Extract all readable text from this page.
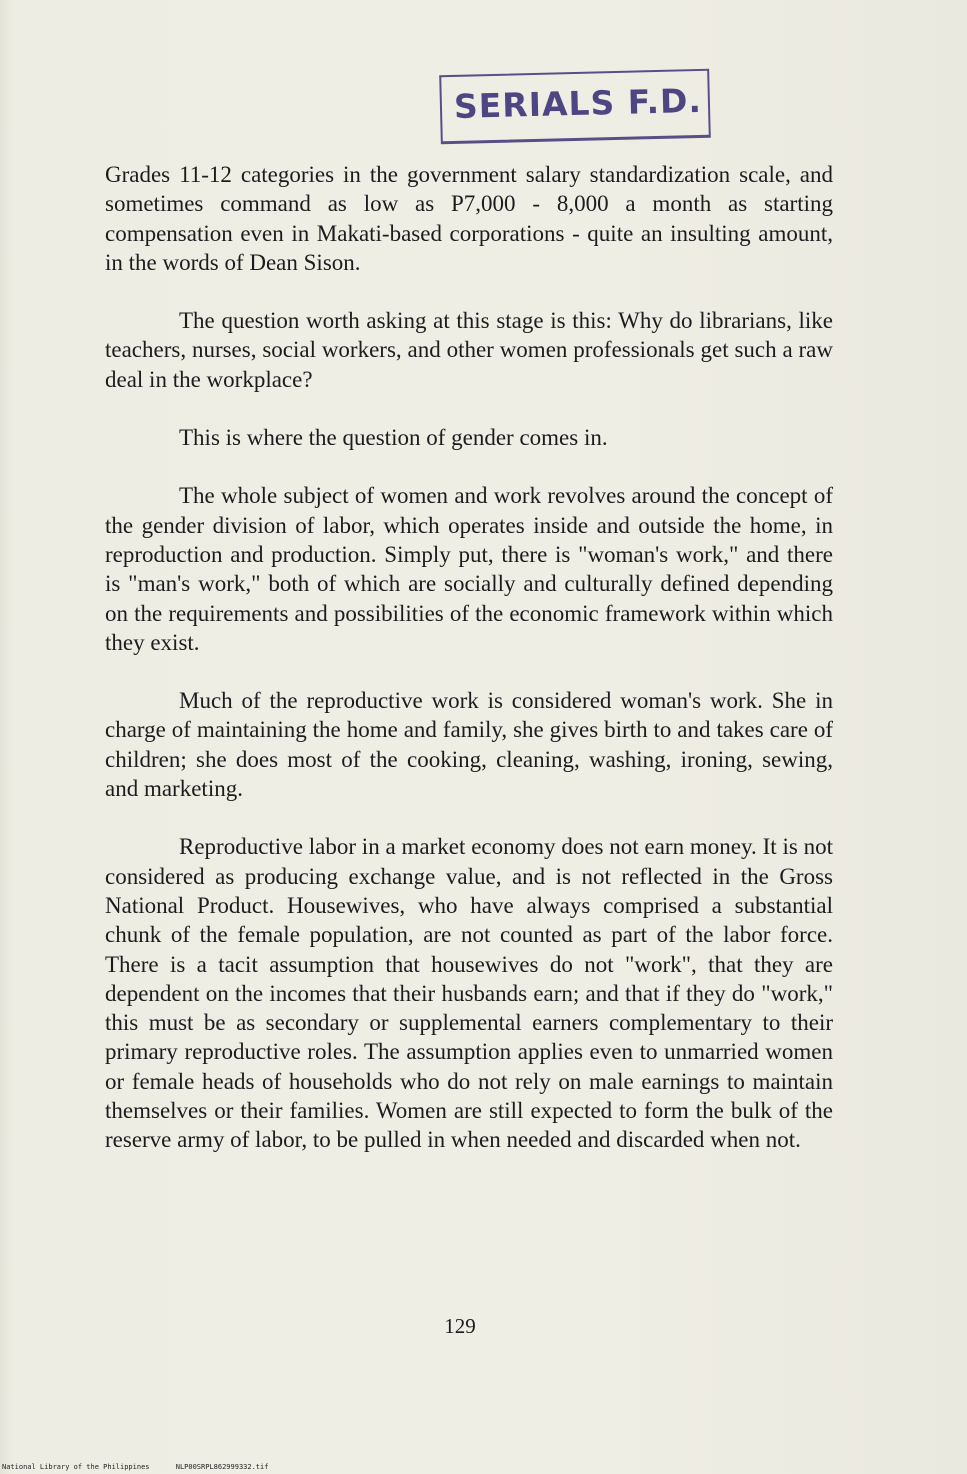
SERIALS F.D.

Grades 11-12 categories in the government salary standardization scale, and sometimes command as low as P7,000 - 8,000 a month as starting compensation even in Makati-based corporations - quite an insulting amount, in the words of Dean Sison.

The question worth asking at this stage is this: Why do librarians, like teachers, nurses, social workers, and other women professionals get such a raw deal in the workplace?

This is where the question of gender comes in.

The whole subject of women and work revolves around the concept of the gender division of labor, which operates inside and outside the home, in reproduction and production. Simply put, there is "woman's work," and there is "man's work," both of which are socially and culturally defined depending on the requirements and possibilities of the economic framework within which they exist.

Much of the reproductive work is considered woman's work. She in charge of maintaining the home and family, she gives birth to and takes care of children; she does most of the cooking, cleaning, washing, ironing, sewing, and marketing.

Reproductive labor in a market economy does not earn money. It is not considered as producing exchange value, and is not reflected in the Gross National Product. Housewives, who have always comprised a substantial chunk of the female population, are not counted as part of the labor force. There is a tacit assumption that housewives do not "work", that they are dependent on the incomes that their husbands earn; and that if they do "work," this must be as secondary or supplemental earners complementary to their primary reproductive roles. The assumption applies even to unmarried women or female heads of households who do not rely on male earnings to maintain themselves or their families. Women are still expected to form the bulk of the reserve army of labor, to be pulled in when needed and discarded when not.

129
National Library of the Philippines	NLP00SRPL862999332.tif
